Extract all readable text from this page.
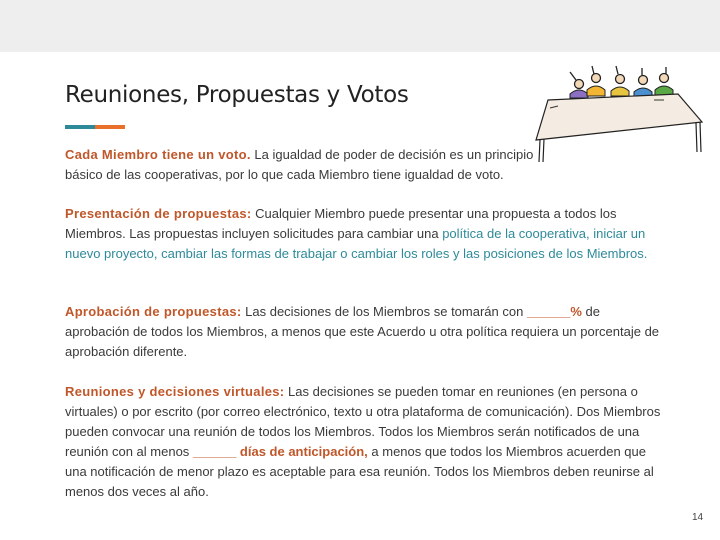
Reuniones, Propuestas y Votos

Cada Miembro tiene un voto. La igualdad de poder de decisión es un principio básico de las cooperativas, por lo que cada Miembro tiene igualdad de voto.

Presentación de propuestas: Cualquier Miembro puede presentar una propuesta a todos los Miembros. Las propuestas incluyen solicitudes para cambiar una política de la cooperativa, iniciar un nuevo proyecto, cambiar las formas de trabajar o cambiar los roles y las posiciones de los Miembros.

Aprobación de propuestas: Las decisiones de los Miembros se tomarán con ______% de aprobación de todos los Miembros, a menos que este Acuerdo u otra política requiera un porcentaje de aprobación diferente.

Reuniones y decisiones virtuales: Las decisiones se pueden tomar en reuniones (en persona o virtuales) o por escrito (por correo electrónico, texto u otra plataforma de comunicación). Dos Miembros pueden convocar una reunión de todos los Miembros. Todos los Miembros serán notificados de una reunión con al menos ______ días de anticipación, a menos que todos los Miembros acuerden que una notificación de menor plazo es aceptable para esa reunión. Todos los Miembros deben reunirse al menos dos veces al año.

14
